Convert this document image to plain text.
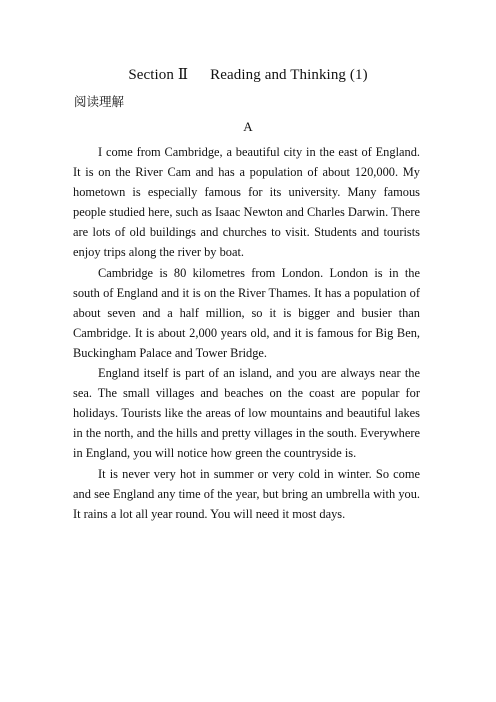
Section Ⅱ Reading and Thinking (1)
阅读理解
A

I come from Cambridge, a beautiful city in the east of England. It is on the River Cam and has a population of about 120,000. My hometown is especially famous for its university. Many famous people studied here, such as Isaac Newton and Charles Darwin. There are lots of old buildings and churches to visit. Students and tourists enjoy trips along the river by boat.

Cambridge is 80 kilometres from London. London is in the south of England and it is on the River Thames. It has a population of about seven and a half million, so it is bigger and busier than Cambridge. It is about 2,000 years old, and it is famous for Big Ben, Buckingham Palace and Tower Bridge.

England itself is part of an island, and you are always near the sea. The small villages and beaches on the coast are popular for holidays. Tourists like the areas of low mountains and beautiful lakes in the north, and the hills and pretty villages in the south. Everywhere in England, you will notice how green the countryside is.

It is never very hot in summer or very cold in winter. So come and see England any time of the year, but bring an umbrella with you. It rains a lot all year round. You will need it most days.
